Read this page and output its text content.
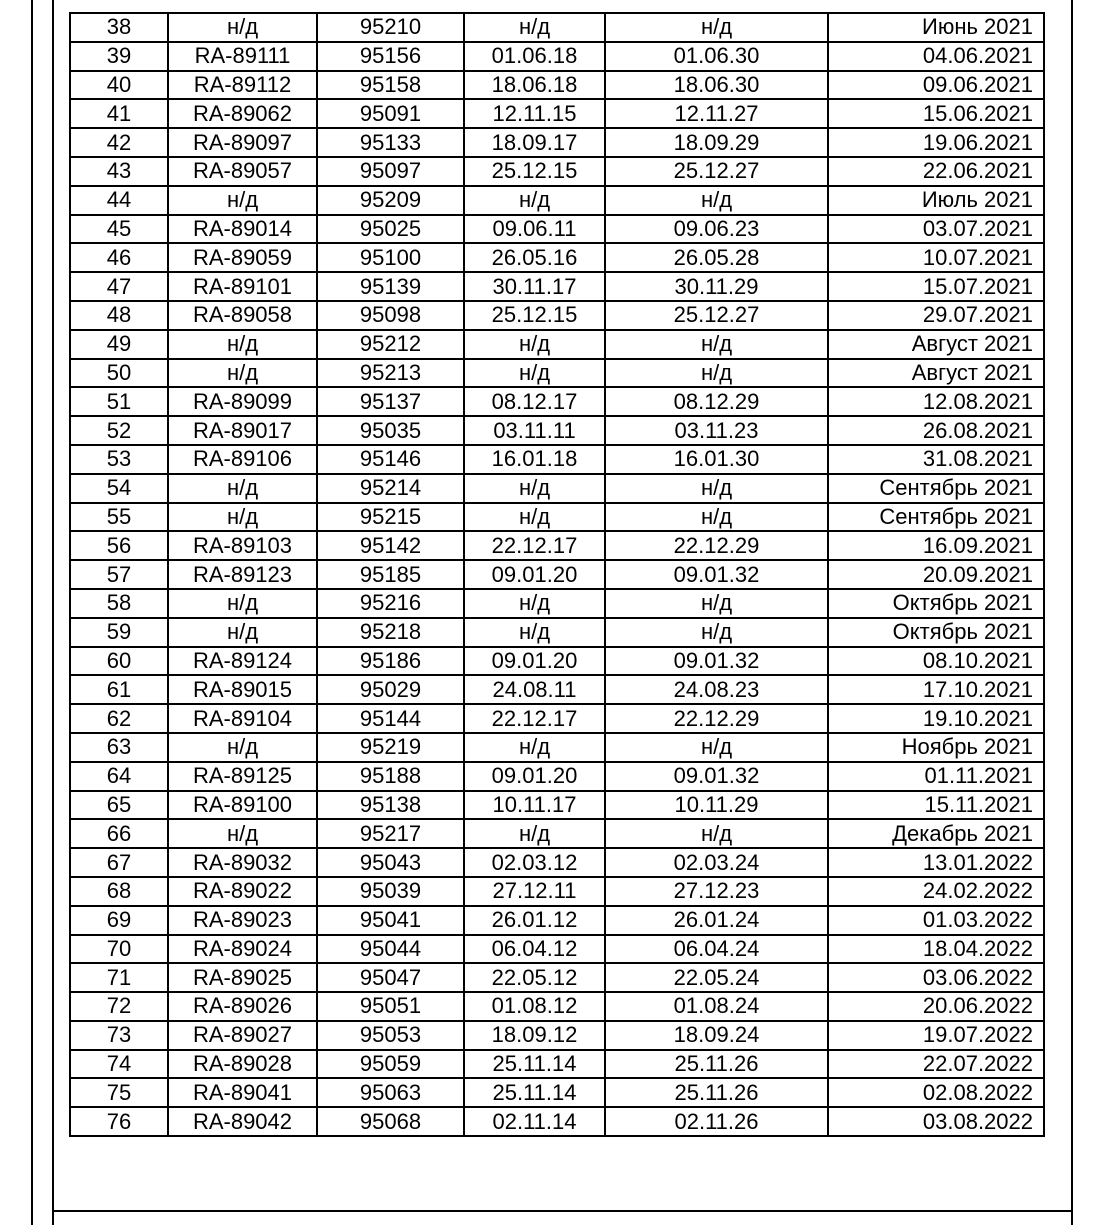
38	н/д	95210	н/д	н/д	Июнь 2021
39	RA-89111	95156	01.06.18	01.06.30	04.06.2021
40	RA-89112	95158	18.06.18	18.06.30	09.06.2021
41	RA-89062	95091	12.11.15	12.11.27	15.06.2021
42	RA-89097	95133	18.09.17	18.09.29	19.06.2021
43	RA-89057	95097	25.12.15	25.12.27	22.06.2021
44	н/д	95209	н/д	н/д	Июль 2021
45	RA-89014	95025	09.06.11	09.06.23	03.07.2021
46	RA-89059	95100	26.05.16	26.05.28	10.07.2021
47	RA-89101	95139	30.11.17	30.11.29	15.07.2021
48	RA-89058	95098	25.12.15	25.12.27	29.07.2021
49	н/д	95212	н/д	н/д	Август 2021
50	н/д	95213	н/д	н/д	Август 2021
51	RA-89099	95137	08.12.17	08.12.29	12.08.2021
52	RA-89017	95035	03.11.11	03.11.23	26.08.2021
53	RA-89106	95146	16.01.18	16.01.30	31.08.2021
54	н/д	95214	н/д	н/д	Сентябрь 2021
55	н/д	95215	н/д	н/д	Сентябрь 2021
56	RA-89103	95142	22.12.17	22.12.29	16.09.2021
57	RA-89123	95185	09.01.20	09.01.32	20.09.2021
58	н/д	95216	н/д	н/д	Октябрь 2021
59	н/д	95218	н/д	н/д	Октябрь 2021
60	RA-89124	95186	09.01.20	09.01.32	08.10.2021
61	RA-89015	95029	24.08.11	24.08.23	17.10.2021
62	RA-89104	95144	22.12.17	22.12.29	19.10.2021
63	н/д	95219	н/д	н/д	Ноябрь 2021
64	RA-89125	95188	09.01.20	09.01.32	01.11.2021
65	RA-89100	95138	10.11.17	10.11.29	15.11.2021
66	н/д	95217	н/д	н/д	Декабрь 2021
67	RA-89032	95043	02.03.12	02.03.24	13.01.2022
68	RA-89022	95039	27.12.11	27.12.23	24.02.2022
69	RA-89023	95041	26.01.12	26.01.24	01.03.2022
70	RA-89024	95044	06.04.12	06.04.24	18.04.2022
71	RA-89025	95047	22.05.12	22.05.24	03.06.2022
72	RA-89026	95051	01.08.12	01.08.24	20.06.2022
73	RA-89027	95053	18.09.12	18.09.24	19.07.2022
74	RA-89028	95059	25.11.14	25.11.26	22.07.2022
75	RA-89041	95063	25.11.14	25.11.26	02.08.2022
76	RA-89042	95068	02.11.14	02.11.26	03.08.2022
